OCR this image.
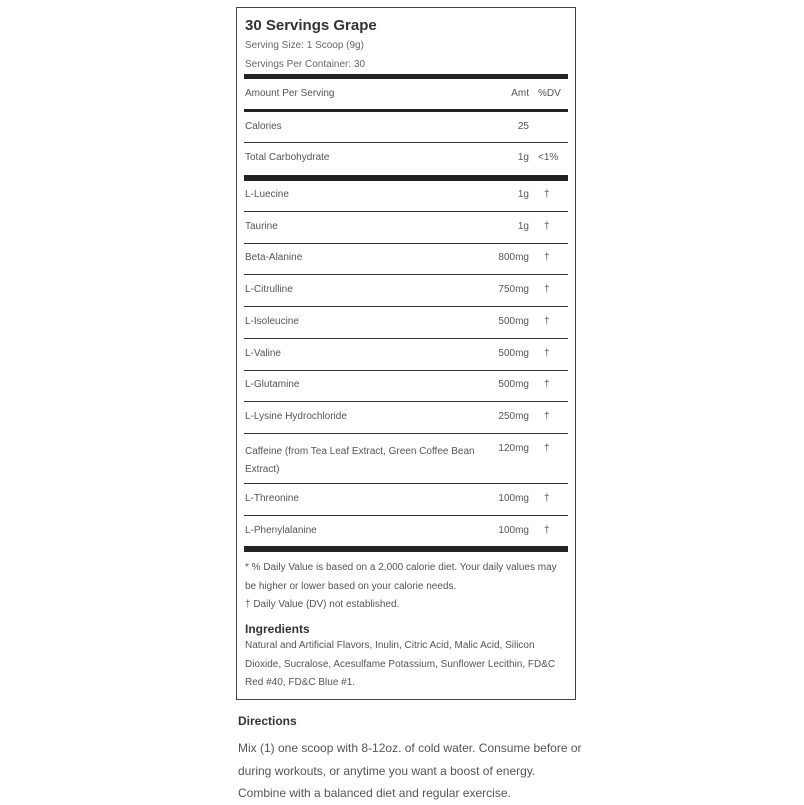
30 Servings Grape
Serving Size: 1 Scoop (9g)
Servings Per Container: 30
Amount Per Serving	Amt %DV
Calories	25
Total Carbohydrate	1g <1%
L-Luecine	1g †
Taurine	1g †
Beta-Alanine	800mg †
L-Citrulline	750mg †
L-Isoleucine	500mg †
L-Valine	500mg †
L-Glutamine	500mg †
L-Lysine Hydrochloride	250mg †
Caffeine (from Tea Leaf Extract, Green Coffee Bean Extract)
120mg †
L-Threonine	100mg †
L-Phenylalanine	100mg †
* % Daily Value is based on a 2,000 calorie diet. Your daily values may be higher or lower based on your calorie needs.
† Daily Value (DV) not established.
Ingredients
Natural and Artificial Flavors, Inulin, Citric Acid, Malic Acid, Silicon Dioxide, Sucralose, Acesulfame Potassium, Sunflower Lecithin, FD&C Red #40, FD&C Blue #1.
Directions
Mix (1) one scoop with 8-12oz. of cold water. Consume before or during workouts, or anytime you want a boost of energy. Combine with a balanced diet and regular exercise.
